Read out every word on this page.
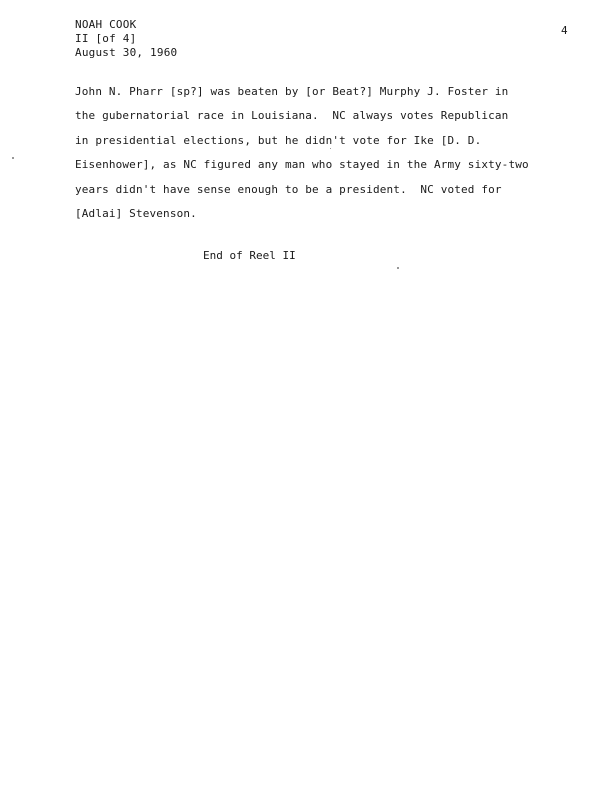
NOAH COOK
II [of 4]
August 30, 1960
4
John N. Pharr [sp?] was beaten by [or Beat?] Murphy J. Foster in
the gubernatorial race in Louisiana.  NC always votes Republican
in presidential elections, but he didn't vote for Ike [D. D.
Eisenhower], as NC figured any man who stayed in the Army sixty-two
years didn't have sense enough to be a president.  NC voted for
[Adlai] Stevenson.
End of Reel II
